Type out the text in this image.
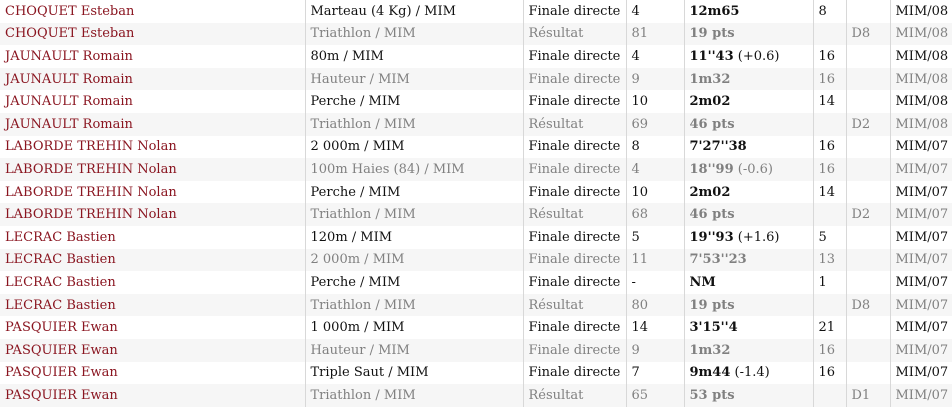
CHOQUET Esteban	Marteau (4 Kg) / MIM	Finale directe	4	12m65	8		MIM/08
CHOQUET Esteban	Triathlon / MIM	Résultat	81	19 pts		D8	MIM/08
JAUNAULT Romain	80m / MIM	Finale directe	4	11''43 (+0.6)	16		MIM/08
JAUNAULT Romain	Hauteur / MIM	Finale directe	9	1m32	16		MIM/08
JAUNAULT Romain	Perche / MIM	Finale directe	10	2m02	14		MIM/08
JAUNAULT Romain	Triathlon / MIM	Résultat	69	46 pts		D2	MIM/08
LABORDE TREHIN Nolan	2 000m / MIM	Finale directe	8	7'27''38	16		MIM/07
LABORDE TREHIN Nolan	100m Haies (84) / MIM	Finale directe	4	18''99 (-0.6)	16		MIM/07
LABORDE TREHIN Nolan	Perche / MIM	Finale directe	10	2m02	14		MIM/07
LABORDE TREHIN Nolan	Triathlon / MIM	Résultat	68	46 pts		D2	MIM/07
LECRAC Bastien	120m / MIM	Finale directe	5	19''93 (+1.6)	5		MIM/07
LECRAC Bastien	2 000m / MIM	Finale directe	11	7'53''23	13		MIM/07
LECRAC Bastien	Perche / MIM	Finale directe	-	NM	1		MIM/07
LECRAC Bastien	Triathlon / MIM	Résultat	80	19 pts		D8	MIM/07
PASQUIER Ewan	1 000m / MIM	Finale directe	14	3'15''4	21		MIM/07
PASQUIER Ewan	Hauteur / MIM	Finale directe	9	1m32	16		MIM/07
PASQUIER Ewan	Triple Saut / MIM	Finale directe	7	9m44 (-1.4)	16		MIM/07
PASQUIER Ewan	Triathlon / MIM	Résultat	65	53 pts		D1	MIM/07
